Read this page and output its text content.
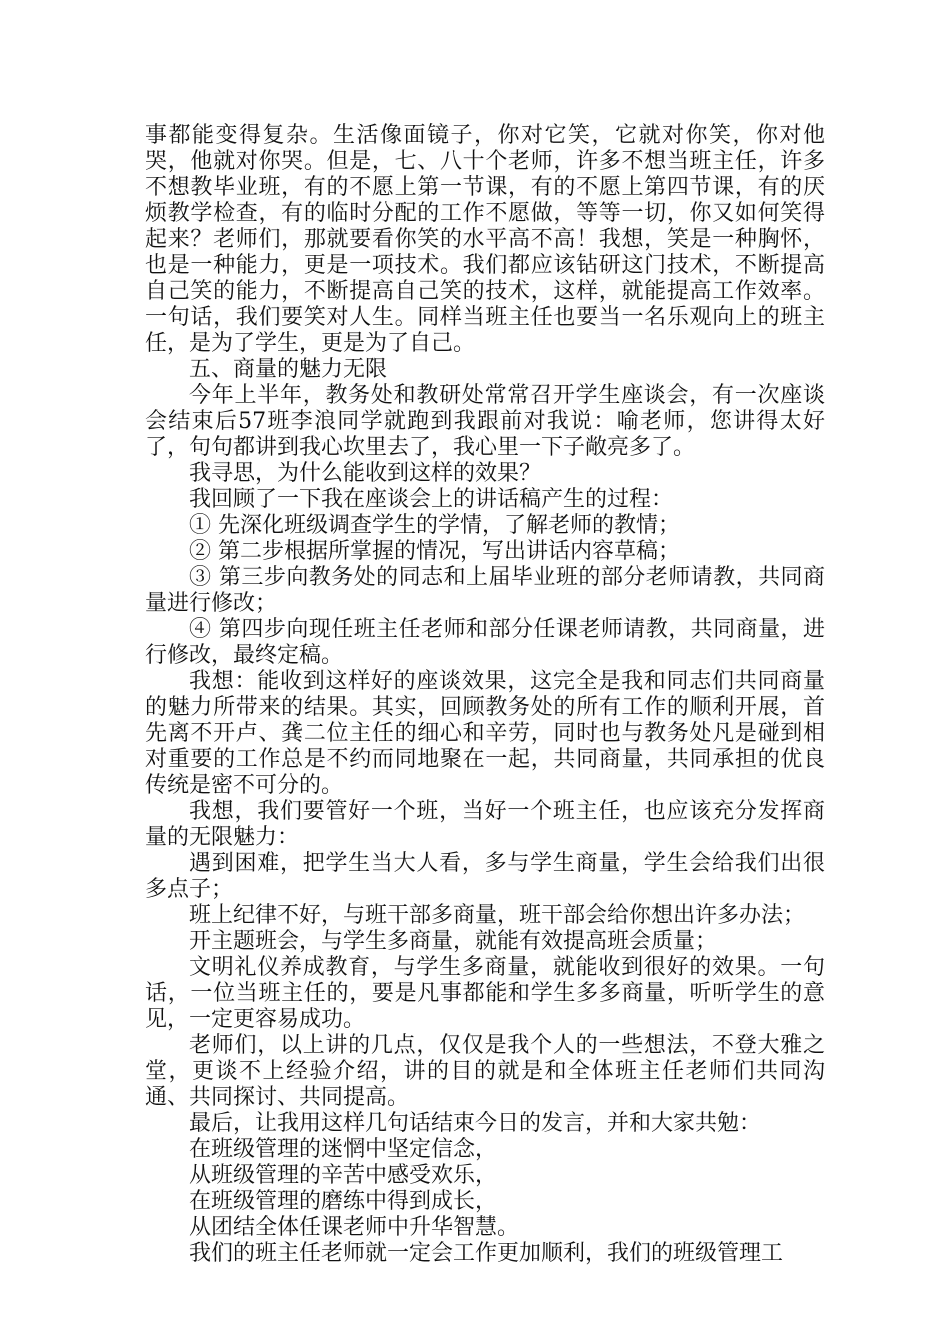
事都能变得复杂。生活像面镜子，你对它笑，它就对你笑，你对他哭，他就对你哭。但是，七、八十个老师，许多不想当班主任，许多不想教毕业班，有的不愿上第一节课，有的不愿上第四节课，有的厌烦教学检查，有的临时分配的工作不愿做，等等一切，你又如何笑得起来？老师们，那就要看你笑的水平高不高！我想，笑是一种胸怀，也是一种能力，更是一项技术。我们都应该钻研这门技术，不断提高自己笑的能力，不断提高自己笑的技术，这样，就能提高工作效率。一句话，我们要笑对人生。同样当班主任也要当一名乐观向上的班主任，是为了学生，更是为了自己。

五、商量的魅力无限

今年上半年，教务处和教研处常常召开学生座谈会，有一次座谈会结束后57班李浪同学就跑到我跟前对我说：喻老师，您讲得太好了，句句都讲到我心坎里去了，我心里一下子敞亮多了。

我寻思，为什么能收到这样的效果？

我回顾了一下我在座谈会上的讲话稿产生的过程：

① 先深化班级调查学生的学情，了解老师的教情；

② 第二步根据所掌握的情况，写出讲话内容草稿；

③ 第三步向教务处的同志和上届毕业班的部分老师请教，共同商量进行修改；

④ 第四步向现任班主任老师和部分任课老师请教，共同商量，进行修改，最终定稿。

我想：能收到这样好的座谈效果，这完全是我和同志们共同商量的魅力所带来的结果。其实，回顾教务处的所有工作的顺利开展，首先离不开卢、龚二位主任的细心和辛劳，同时也与教务处凡是碰到相对重要的工作总是不约而同地聚在一起，共同商量，共同承担的优良传统是密不可分的。

我想，我们要管好一个班，当好一个班主任，也应该充分发挥商量的无限魅力：

遇到困难，把学生当大人看，多与学生商量，学生会给我们出很多点子；

班上纪律不好，与班干部多商量，班干部会给你想出许多办法；

开主题班会，与学生多商量，就能有效提高班会质量；

文明礼仪养成教育，与学生多商量，就能收到很好的效果。一句话，一位当班主任的，要是凡事都能和学生多多商量，听听学生的意见，一定更容易成功。

老师们，以上讲的几点，仅仅是我个人的一些想法，不登大雅之堂，更谈不上经验介绍，讲的目的就是和全体班主任老师们共同沟通、共同探讨、共同提高。

最后，让我用这样几句话结束今日的发言，并和大家共勉：

在班级管理的迷惘中坚定信念，

从班级管理的辛苦中感受欢乐，

在班级管理的磨练中得到成长，

从团结全体任课老师中升华智慧。

我们的班主任老师就一定会工作更加顺利，我们的班级管理工
